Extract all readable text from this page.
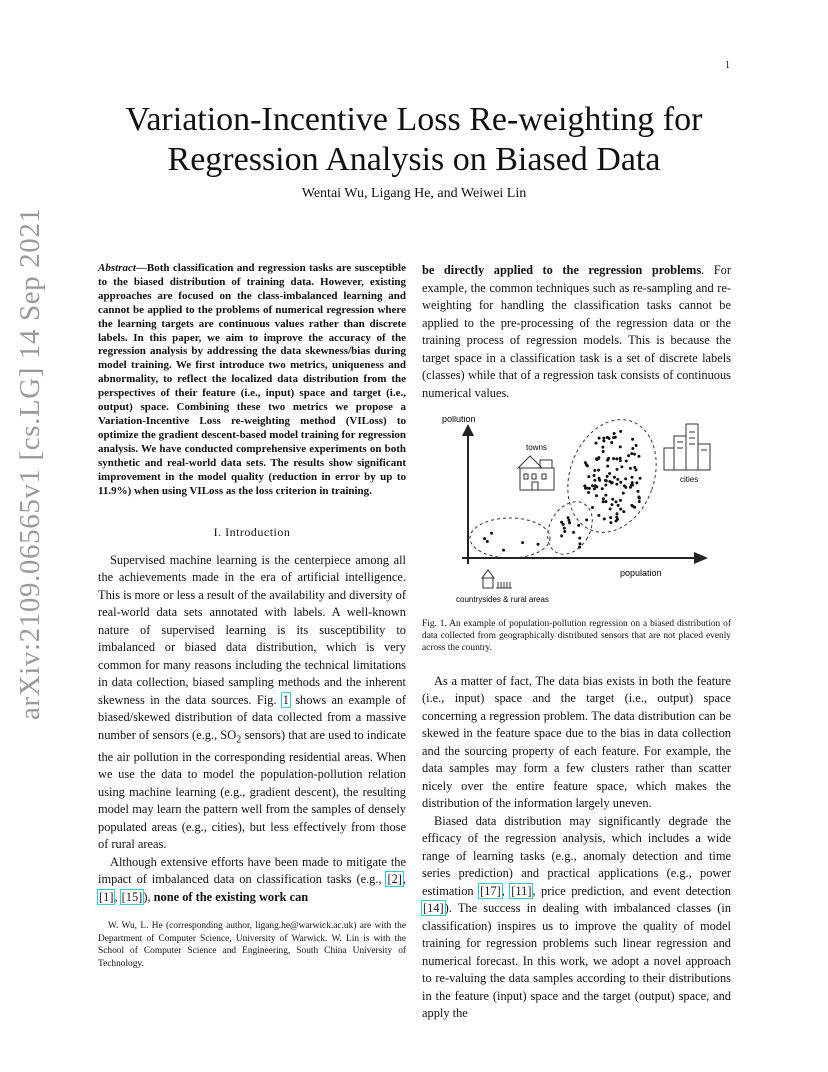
1
arXiv:2109.06565v1 [cs.LG] 14 Sep 2021
Variation-Incentive Loss Re-weighting for
Regression Analysis on Biased Data
Wentai Wu, Ligang He, and Weiwei Lin

Abstract—Both classification and regression tasks are susceptible to the biased distribution of training data. However, existing approaches are focused on the class-imbalanced learning and cannot be applied to the problems of numerical regression where the learning targets are continuous values rather than discrete labels. In this paper, we aim to improve the accuracy of the regression analysis by addressing the data skewness/bias during model training. We first introduce two metrics, uniqueness and abnormality, to reflect the localized data distribution from the perspectives of their feature (i.e., input) space and target (i.e., output) space. Combining these two metrics we propose a Variation-Incentive Loss re-weighting method (VILoss) to optimize the gradient descent-based model training for regression analysis. We have conducted comprehensive experiments on both synthetic and real-world data sets. The results show significant improvement in the model quality (reduction in error by up to 11.9%) when using VILoss as the loss criterion in training.

I. Introduction

Supervised machine learning is the centerpiece among all the achievements made in the era of artificial intelligence. This is more or less a result of the availability and diversity of real-world data sets annotated with labels. A well-known nature of supervised learning is its susceptibility to imbalanced or biased data distribution, which is very common for many reasons including the technical limitations in data collection, biased sampling methods and the inherent skewness in the data sources. Fig. 1 shows an example of biased/skewed distribution of data collected from a massive number of sensors (e.g., $SO_2$ sensors) that are used to indicate the air pollution in the corresponding residential areas. When we use the data to model the population-pollution relation using machine learning (e.g., gradient descent), the resulting model may learn the pattern well from the samples of densely populated areas (e.g., cities), but less effectively from those of rural areas.

Although extensive efforts have been made to mitigate the impact of imbalanced data on classification tasks (e.g., [2], [1], [15]), none of the existing work can

W. Wu, L. He (corresponding author, ligang.he@warwick.ac.uk) are with the Department of Computer Science, University of Warwick. W. Lin is with the School of Computer Science and Engineering, South China University of Technology.

be directly applied to the regression problems. For example, the common techniques such as re-sampling and re-weighting for handling the classification tasks cannot be applied to the pre-processing of the regression data or the training process of regression models. This is because the target space in a classification task is a set of discrete labels (classes) while that of a regression task consists of continuous numerical values.

pollution
population
towns
cities
countrysides & rural areas

Fig. 1. An example of population-pollution regression on a biased distribution of data collected from geographically distributed sensors that are not placed evenly across the country.

As a matter of fact, The data bias exists in both the feature (i.e., input) space and the target (i.e., output) space concerning a regression problem. The data distribution can be skewed in the feature space due to the bias in data collection and the sourcing property of each feature. For example, the data samples may form a few clusters rather than scatter nicely over the entire feature space, which makes the distribution of the information largely uneven.

Biased data distribution may significantly degrade the efficacy of the regression analysis, which includes a wide range of learning tasks (e.g., anomaly detection and time series prediction) and practical applications (e.g., power estimation [17], [11], price prediction, and event detection [14]). The success in dealing with imbalanced classes (in classification) inspires us to improve the quality of model training for regression problems such linear regression and numerical forecast. In this work, we adopt a novel approach to re-valuing the data samples according to their distributions in the feature (input) space and the target (output) space, and apply the
